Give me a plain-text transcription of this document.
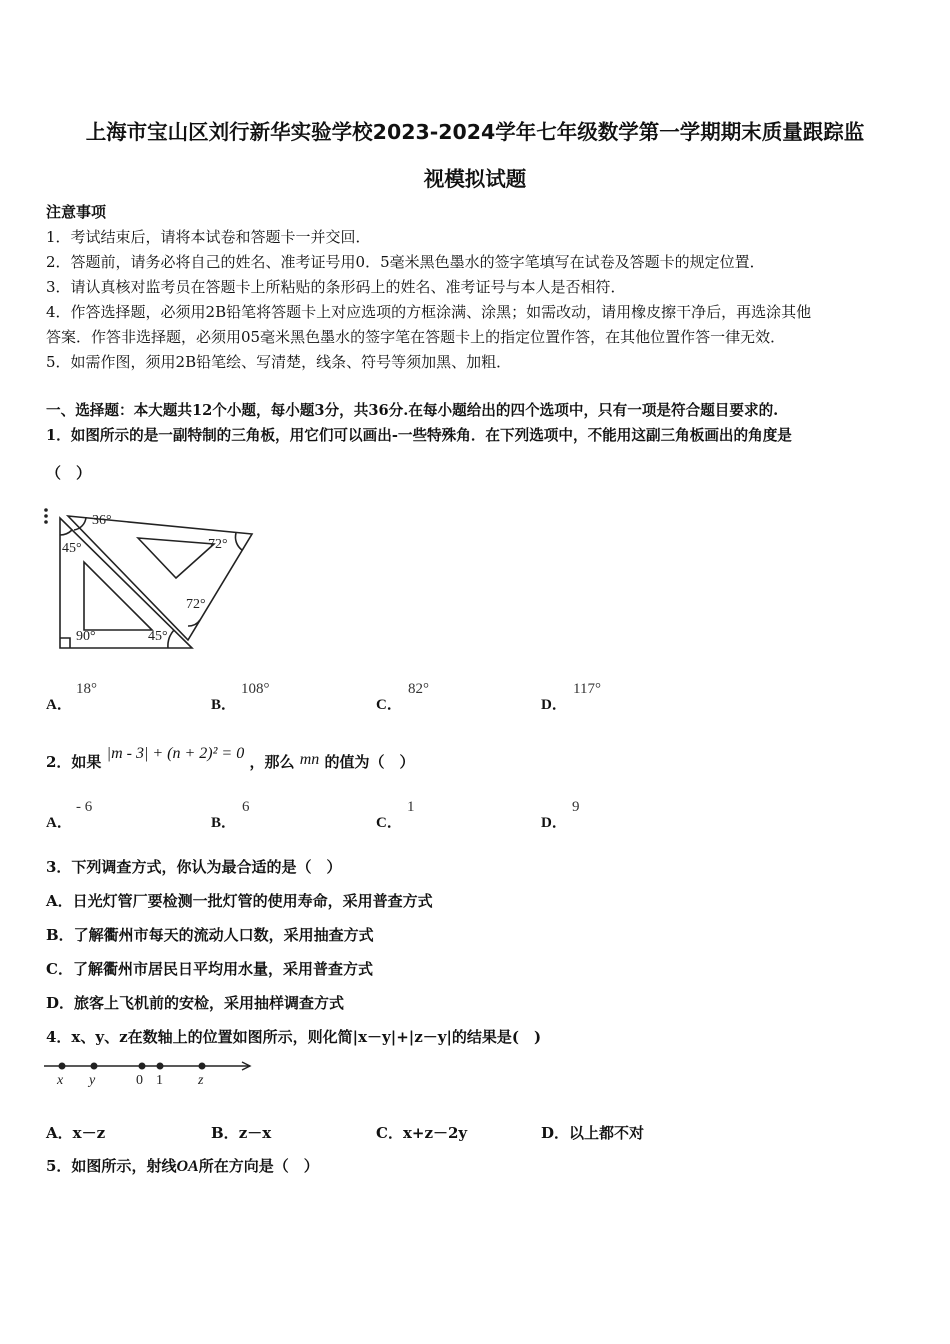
上海市宝山区刘行新华实验学校2023-2024学年七年级数学第一学期期末质量跟踪监
视模拟试题
注意事项
1．考试结束后，请将本试卷和答题卡一并交回．
2．答题前，请务必将自己的姓名、准考证号用0．5毫米黑色墨水的签字笔填写在试卷及答题卡的规定位置．
3．请认真核对监考员在答题卡上所粘贴的条形码上的姓名、准考证号与本人是否相符．
4．作答选择题，必须用2B铅笔将答题卡上对应选项的方框涂满、涂黑；如需改动，请用橡皮擦干净后，再选涂其他
答案．作答非选择题，必须用05毫米黑色墨水的签字笔在答题卡上的指定位置作答，在其他位置作答一律无效．
5．如需作图，须用2B铅笔绘、写清楚，线条、符号等须加黑、加粗．
一、选择题：本大题共12个小题，每小题3分，共36分.在每小题给出的四个选项中，只有一项是符合题目要求的.
1．如图所示的是一副特制的三角板，用它们可以画出-一些特殊角．在下列选项中，不能用这副三角板画出的角度是
（　）
36°
72°
72°
45°
45°
90°
A．
18°
B．
108°
C．
82°
D．
117°
2．如果 |m - 3| + (n + 2)² = 0 ，那么 mn 的值为（　）
A．
- 6
B．
6
C．
1
D．
9
3．下列调查方式，你认为最合适的是（　）
A．日光灯管厂要检测一批灯管的使用寿命，采用普查方式
B．了解衢州市每天的流动人口数，采用抽查方式
C．了解衢州市居民日平均用水量，采用普查方式
D．旅客上飞机前的安检，采用抽样调查方式
4．x、y、z在数轴上的位置如图所示，则化简|x－y|+|z－y|的结果是(　)
x y	0 1	z
A．x－z	B．z－x	C．x+z－2y	D．以上都不对
5．如图所示，射线OA所在方向是（　）
